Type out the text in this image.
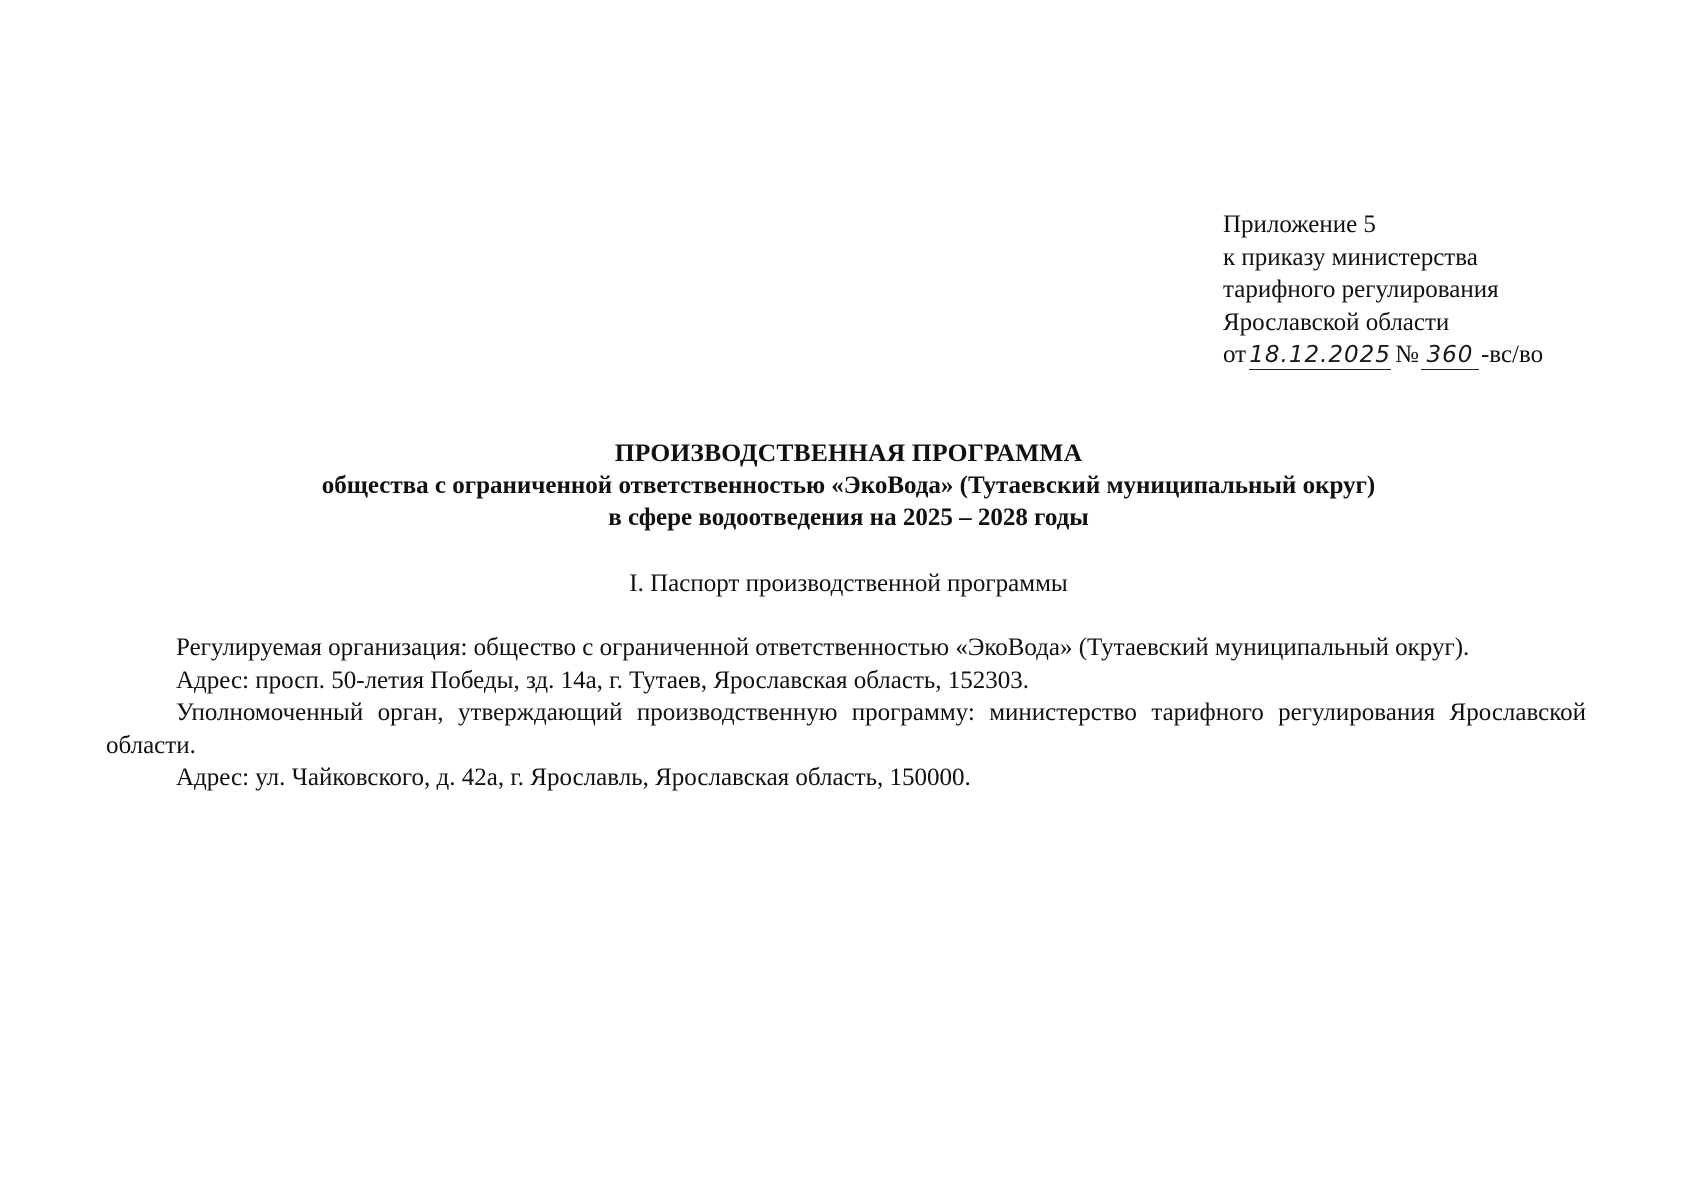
Приложение 5
к приказу министерства
тарифного регулирования
Ярославской области
от 18.12.2025 № 360 -вс/во
ПРОИЗВОДСТВЕННАЯ ПРОГРАММА
общества с ограниченной ответственностью «ЭкоВода» (Тутаевский муниципальный округ)
в сфере водоотведения на 2025 – 2028 годы
I. Паспорт производственной программы

Регулируемая организация: общество с ограниченной ответственностью «ЭкоВода» (Тутаевский муниципальный округ).

Адрес: просп. 50-летия Победы, зд. 14а, г. Тутаев, Ярославская область, 152303.

Уполномоченный орган, утверждающий производственную программу: министерство тарифного регулирования Ярославской области.

Адрес: ул. Чайковского, д. 42а, г. Ярославль, Ярославская область, 150000.
